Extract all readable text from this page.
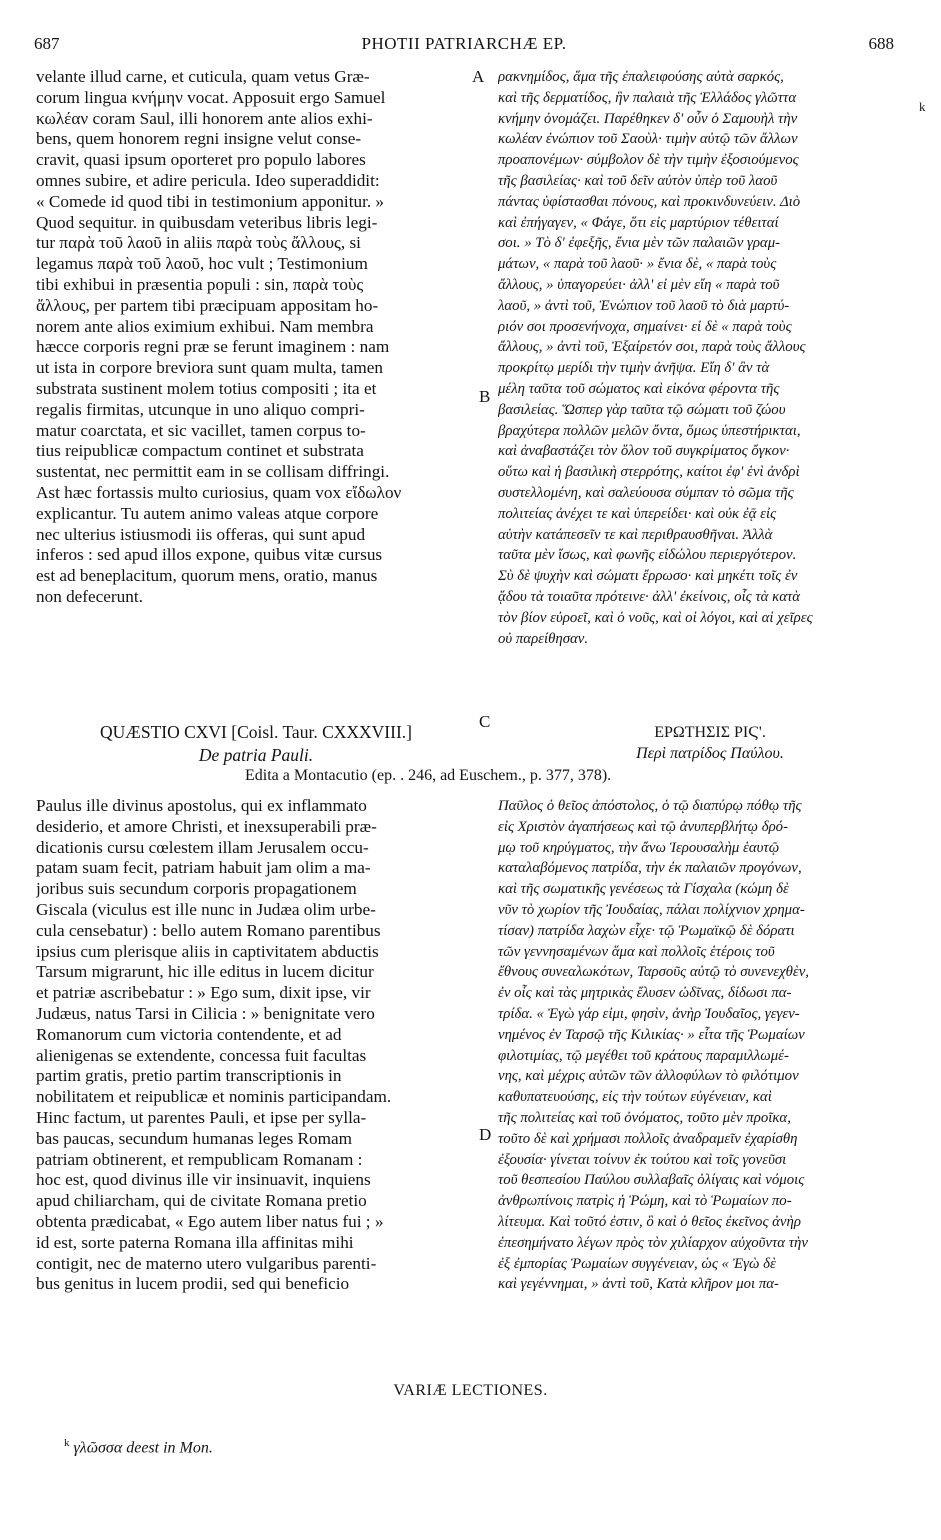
687	PHOTII PATRIARCHÆ EP.	688
velante illud carne, et cuticula, quam vetus Græ-
corum lingua κνήμην vocat. Apposuit ergo Samuel
κωλέαν coram Saul, illi honorem ante alios exhi-
bens, quem honorem regni insigne velut conse-
cravit, quasi ipsum oporteret pro populo labores
omnes subire, et adire pericula. Ideo superaddidit:
« Comede id quod tibi in testimonium apponitur. »
Quod sequitur. in quibusdam veteribus libris legi-
tur παρὰ τοῦ λαοῦ in aliis παρὰ τοὺς ἄλλους, si
legamus παρὰ τοῦ λαοῦ, hoc vult ; Testimonium
tibi exhibui in præsentia populi : sin, παρὰ τοὺς
ἄλλους, per partem tibi præcipuam appositam ho-
norem ante alios eximium exhibui. Nam membra
hæcce corporis regni præ se ferunt imaginem : nam
ut ista in corpore breviora sunt quam multa, tamen
substrata sustinent molem totius compositi ; ita et
regalis firmitas, utcunque in uno aliquo compri-
matur coarctata, et sic vacillet, tamen corpus to-
tius reipublicæ compactum continet et substrata
sustentat, nec permittit eam in se collisam diffringi.
Ast hæc fortassis multo curiosius, quam vox εἴδωλον
explicantur. Tu autem animo valeas atque corpore
nec ulterius istiusmodi iis offeras, qui sunt apud
inferos : sed apud illos expone, quibus vitæ cursus
est ad beneplacitum, quorum mens, oratio, manus
non defecerunt.
ρακνημίδος, ἅμα τῆς ἐπαλειφούσης αὐτὰ σαρκός,
καὶ τῆς δερματίδος, ἣν παλαιὰ τῆς Ἑλλάδος γλῶττα
κνήμην ὀνομάζει. Παρέθηκεν δ' οὖν ὁ Σαμουὴλ τὴν
κωλέαν ἐνώπιον τοῦ Σαοὺλ· τιμὴν αὐτῷ τῶν ἄλλων
προαπονέμων· σύμβολον δὲ τὴν τιμὴν ἐξοσιούμενος
τῆς βασιλείας· καὶ τοῦ δεῖν αὐτὸν ὑπὲρ τοῦ λαοῦ
πάντας ὑφίστασθαι πόνους, καὶ προκινδυνεύειν. Διὸ
καὶ ἐπήγαγεν, « Φάγε, ὅτι εἰς μαρτύριον τέθειταί
σοι. » Τὸ δ' ἐφεξῆς, ἔνια μὲν τῶν παλαιῶν γραμ-
μάτων, « παρὰ τοῦ λαοῦ· » ἔνια δὲ, « παρὰ τοὺς
ἄλλους, » ὑπαγορεύει· ἀλλ' εἰ μὲν εἴη « παρὰ τοῦ
λαοῦ, » ἀντὶ τοῦ, Ἐνώπιον τοῦ λαοῦ τὸ διὰ μαρτύ-
ριόν σοι προσενήνοχα, σημαίνει· εἰ δὲ « παρὰ τοὺς
ἄλλους, » ἀντὶ τοῦ, Ἐξαίρετόν σοι, παρὰ τοὺς ἄλλους
προκρίτῳ μερίδι τὴν τιμὴν ἀνῆψα. Εἴη δ' ἂν τὰ
μέλη ταῦτα τοῦ σώματος καὶ εἰκόνα φέροντα τῆς
βασιλείας. Ὥσπερ γὰρ ταῦτα τῷ σώματι τοῦ ζώου
βραχύτερα πολλῶν μελῶν ὄντα, ὅμως ὑπεστήρικται,
καὶ ἀναβαστάζει τὸν ὅλον τοῦ συγκρίματος ὄγκον·
οὕτω καὶ ἡ βασιλικὴ στερρότης, καίτοι ἐφ' ἑνὶ ἀνδρὶ
συστελλομένη, καὶ σαλεύουσα σύμπαν τὸ σῶμα τῆς
πολιτείας ἀνέχει τε καὶ ὑπερείδει· καὶ οὐκ ἐᾷ εἰς
αὑτὴν κατάπεσεῖν τε καὶ περιθραυσθῆναι. Ἀλλὰ
ταῦτα μὲν ἴσως, καὶ φωνῆς εἰδώλου περιεργότερον.
Σὺ δὲ ψυχὴν καὶ σώματι ἔρρωσο· καὶ μηκέτι τοῖς ἐν
ᾅδου τὰ τοιαῦτα πρότεινε· ἀλλ' ἐκείνοις, οἷς τὰ κατὰ
τὸν βίον εὐροεῖ, καὶ ὁ νοῦς, καὶ οἱ λόγοι, καὶ αἱ χεῖρες
οὐ παρείθησαν.
A
k
B
C
D
QUÆSTIO CXVI [Coisl. Taur. CXXXVIII.]
De patria Pauli.
ΕΡΩΤΗΣΙΣ ΡΙϚ'.
Περὶ πατρίδος Παύλου.
Edita a Montacutio (ep. . 246, ad Euschem., p. 377, 378).
Paulus ille divinus apostolus, qui ex inflammato
desiderio, et amore Christi, et inexsuperabili præ-
dicationis cursu cœlestem illam Jerusalem occu-
patam suam fecit, patriam habuit jam olim a ma-
joribus suis secundum corporis propagationem
Giscala (viculus est ille nunc in Judæa olim urbe-
cula censebatur) : bello autem Romano parentibus
ipsius cum plerisque aliis in captivitatem abductis
Tarsum migrarunt, hic ille editus in lucem dicitur
et patriæ ascribebatur : » Ego sum, dixit ipse, vir
Judæus, natus Tarsi in Cilicia : » benignitate vero
Romanorum cum victoria contendente, et ad
alienigenas se extendente, concessa fuit facultas
partim gratis, pretio partim transcriptionis in
nobilitatem et reipublicæ et nominis participandam.
Hinc factum, ut parentes Pauli, et ipse per sylla-
bas paucas, secundum humanas leges Romam
patriam obtinerent, et rempublicam Romanam :
hoc est, quod divinus ille vir insinuavit, inquiens
apud chiliarcham, qui de civitate Romana pretio
obtenta prædicabat, « Ego autem liber natus fui ; »
id est, sorte paterna Romana illa affinitas mihi
contigit, nec de materno utero vulgaribus parenti-
bus genitus in lucem prodii, sed qui beneficio
Παῦλος ὁ θεῖος ἀπόστολος, ὁ τῷ διαπύρῳ πόθῳ τῆς
εἰς Χριστὸν ἀγαπήσεως καὶ τῷ ἀνυπερβλήτῳ δρό-
μῳ τοῦ κηρύγματος, τὴν ἄνω Ἱερουσαλὴμ ἑαυτῷ
καταλαβόμενος πατρίδα, τὴν ἐκ παλαιῶν προγόνων,
καὶ τῆς σωματικῆς γενέσεως τὰ Γίσχαλα (κώμη δὲ
νῦν τὸ χωρίον τῆς Ἰουδαίας, πάλαι πολίχνιον χρημα-
τίσαν) πατρίδα λαχὼν εἶχε· τῷ Ῥωμαϊκῷ δὲ δόρατι
τῶν γεννησαμένων ἅμα καὶ πολλοῖς ἑτέροις τοῦ
ἔθνους συνεαλωκότων, Ταρσοῦς αὐτῷ τὸ συνενεχθὲν,
ἐν οἷς καὶ τὰς μητρικὰς ἔλυσεν ὠδῖνας, δίδωσι πα-
τρίδα. « Ἐγὼ γάρ εἰμι, φησὶν, ἀνὴρ Ἰουδαῖος, γεγεν-
νημένος ἐν Ταρσῷ τῆς Κιλικίας· » εἶτα τῆς Ῥωμαίων
φιλοτιμίας, τῷ μεγέθει τοῦ κράτους παραμιλλωμέ-
νης, καὶ μέχρις αὐτῶν τῶν ἀλλοφύλων τὸ φιλότιμον
καθυπατευούσης, εἰς τὴν τούτων εὐγένειαν, καὶ
τῆς πολιτείας καὶ τοῦ ὀνόματος, τοῦτο μὲν προῖκα,
τοῦτο δὲ καὶ χρήμασι πολλοῖς ἀναδραμεῖν ἐχαρίσθη
ἐξουσία· γίνεται τοίνυν ἐκ τούτου καὶ τοῖς γονεῦσι
τοῦ θεσπεσίου Παύλου συλλαβαῖς ὀλίγαις καὶ νόμοις
ἀνθρωπίνοις πατρὶς ἡ Ῥώμη, καὶ τὸ Ῥωμαίων πο-
λίτευμα. Καὶ τοῦτό ἐστιν, ὃ καὶ ὁ θεῖος ἐκεῖνος ἀνὴρ
ἐπεσημήνατο λέγων πρὸς τὸν χιλίαρχον αὐχοῦντα τὴν
ἐξ ἐμπορίας Ῥωμαίων συγγένειαν, ὡς « Ἐγὼ δὲ
καὶ γεγέννημαι, » ἀντὶ τοῦ, Κατὰ κλῆρον μοι πα-
VARIÆ LECTIONES.
$^k$ γλῶσσα deest in Mon.
